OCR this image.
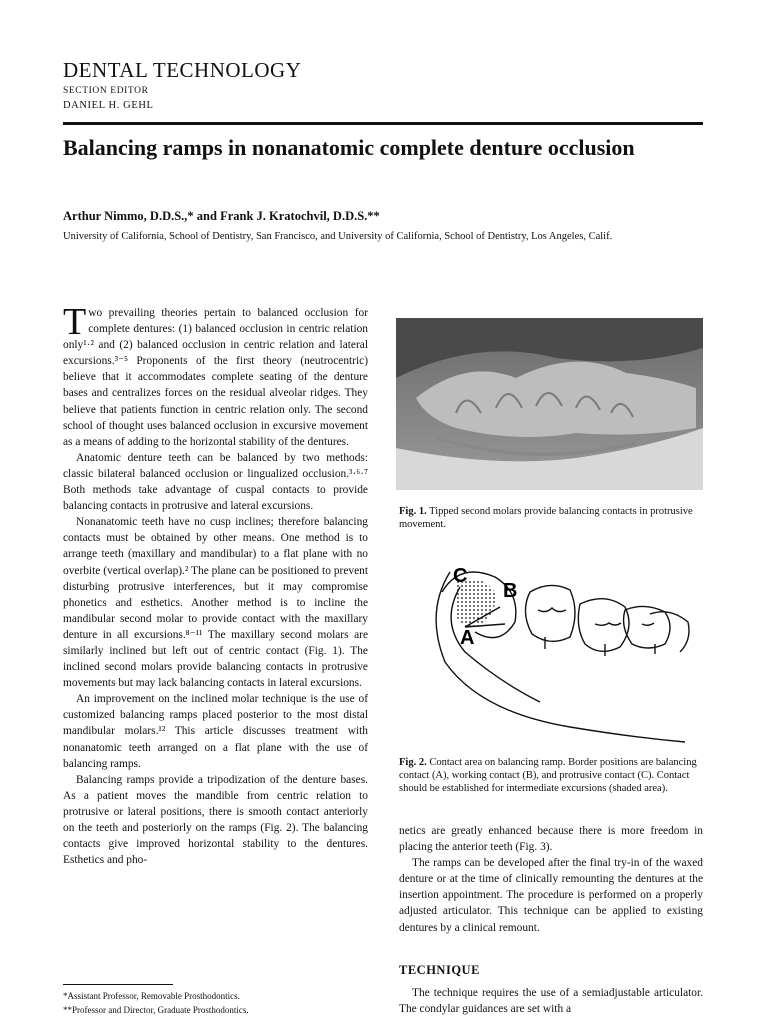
DENTAL TECHNOLOGY
SECTION EDITOR
DANIEL H. GEHL
Balancing ramps in nonanatomic complete denture occlusion
Arthur Nimmo, D.D.S.,* and Frank J. Kratochvil, D.D.S.**
University of California, School of Dentistry, San Francisco, and University of California, School of Dentistry, Los Angeles, Calif.

Two prevailing theories pertain to balanced occlusion for complete dentures: (1) balanced occlusion in centric relation only¹·² and (2) balanced occlusion in centric relation and lateral excursions.³⁻⁵ Proponents of the first theory (neutrocentric) believe that it accommodates complete seating of the denture bases and centralizes forces on the residual alveolar ridges. They believe that patients function in centric relation only. The second school of thought uses balanced occlusion in excursive movement as a means of adding to the horizontal stability of the dentures.

Anatomic denture teeth can be balanced by two methods: classic bilateral balanced occlusion or lingualized occlusion.³·⁶·⁷ Both methods take advantage of cuspal contacts to provide balancing contacts in protrusive and lateral excursions.

Nonanatomic teeth have no cusp inclines; therefore balancing contacts must be obtained by other means. One method is to arrange teeth (maxillary and mandibular) to a flat plane with no overbite (vertical overlap).² The plane can be positioned to prevent disturbing protrusive interferences, but it may compromise phonetics and esthetics. Another method is to incline the mandibular second molar to provide contact with the maxillary denture in all excursions.⁸⁻¹¹ The maxillary second molars are similarly inclined but left out of centric contact (Fig. 1). The inclined second molars provide balancing contacts in protrusive movements but may lack balancing contacts in lateral excursions.

An improvement on the inclined molar technique is the use of customized balancing ramps placed posterior to the most distal mandibular molars.¹² This article discusses treatment with nonanatomic teeth arranged on a flat plane with the use of balancing ramps.

Balancing ramps provide a tripodization of the denture bases. As a patient moves the mandible from centric relation to protrusive or lateral positions, there is smooth contact anteriorly on the teeth and posteriorly on the ramps (Fig. 2). The balancing contacts give improved horizontal stability to the dentures. Esthetics and pho-

Fig. 1. Tipped second molars provide balancing contacts in protrusive movement.
C
B
A
Fig. 2. Contact area on balancing ramp. Border positions are balancing contact (A), working contact (B), and protrusive contact (C). Contact should be established for intermediate excursions (shaded area).

netics are greatly enhanced because there is more freedom in placing the anterior teeth (Fig. 3).

The ramps can be developed after the final try-in of the waxed denture or at the time of clinically remounting the dentures at the insertion appointment. The procedure is performed on a properly adjusted articulator. This technique can be applied to existing dentures by a clinical remount.

TECHNIQUE

The technique requires the use of a semiadjustable articulator. The condylar guidances are set with a

*Assistant Professor, Removable Prosthodontics.
**Professor and Director, Graduate Prosthodontics.
